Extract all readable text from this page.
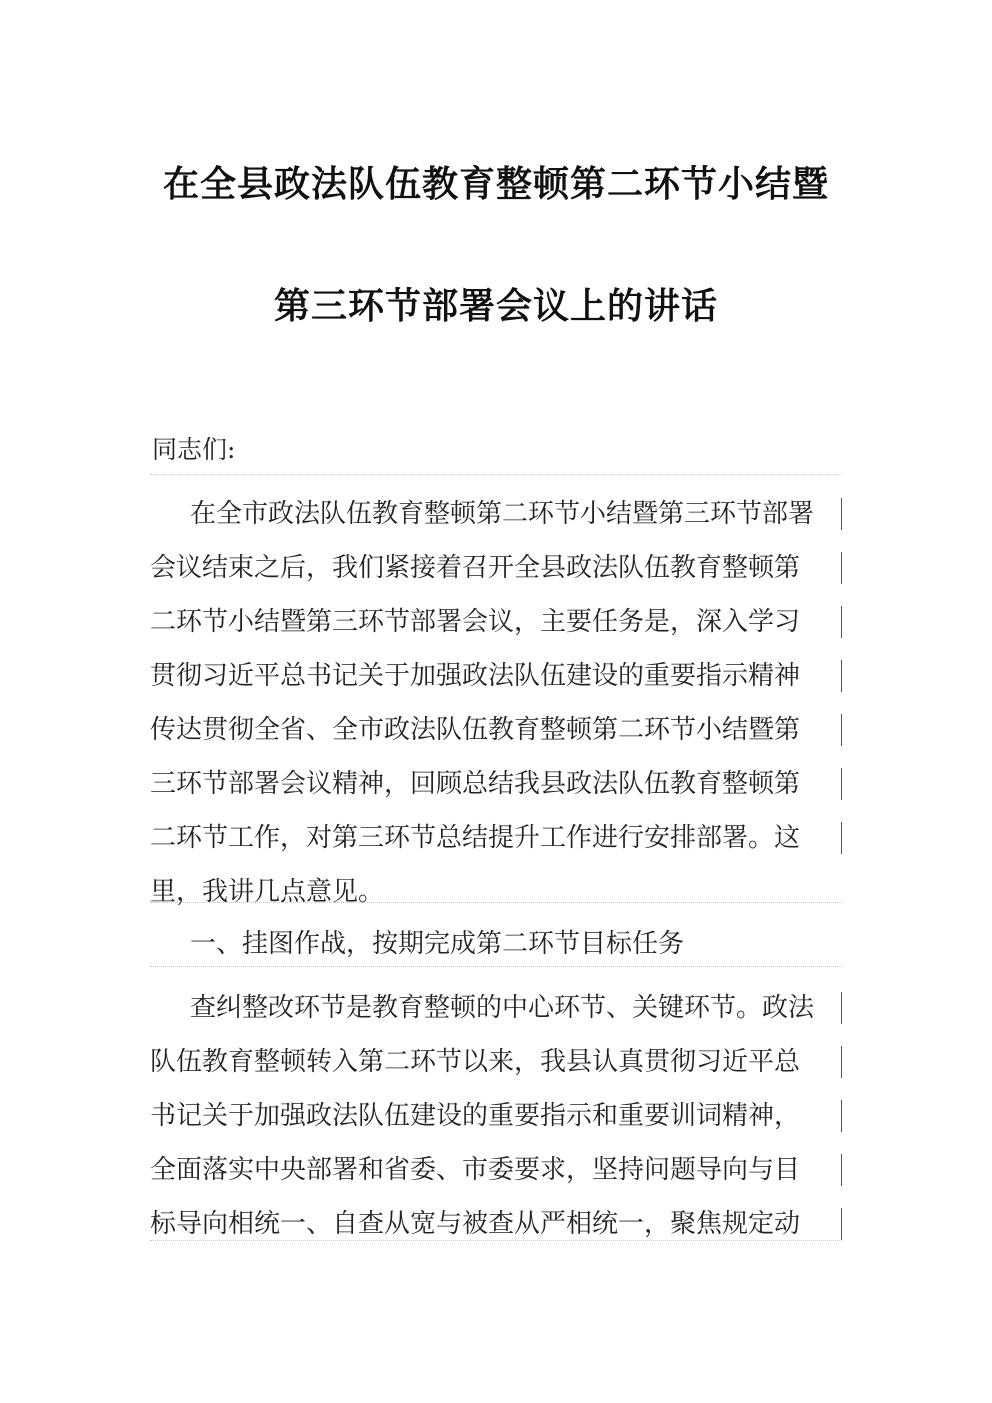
在全县政法队伍教育整顿第二环节小结暨
第三环节部署会议上的讲话
同志们:
在全市政法队伍教育整顿第二环节小结暨第三环节部署
会议结束之后，我们紧接着召开全县政法队伍教育整顿第
二环节小结暨第三环节部署会议，主要任务是，深入学习
贯彻习近平总书记关于加强政法队伍建设的重要指示精神
传达贯彻全省、全市政法队伍教育整顿第二环节小结暨第
三环节部署会议精神，回顾总结我县政法队伍教育整顿第
二环节工作，对第三环节总结提升工作进行安排部署。这
里，我讲几点意见。
一、挂图作战，按期完成第二环节目标任务
查纠整改环节是教育整顿的中心环节、关键环节。政法
队伍教育整顿转入第二环节以来，我县认真贯彻习近平总
书记关于加强政法队伍建设的重要指示和重要训词精神，
全面落实中央部署和省委、市委要求，坚持问题导向与目
标导向相统一、自查从宽与被查从严相统一，聚焦规定动
